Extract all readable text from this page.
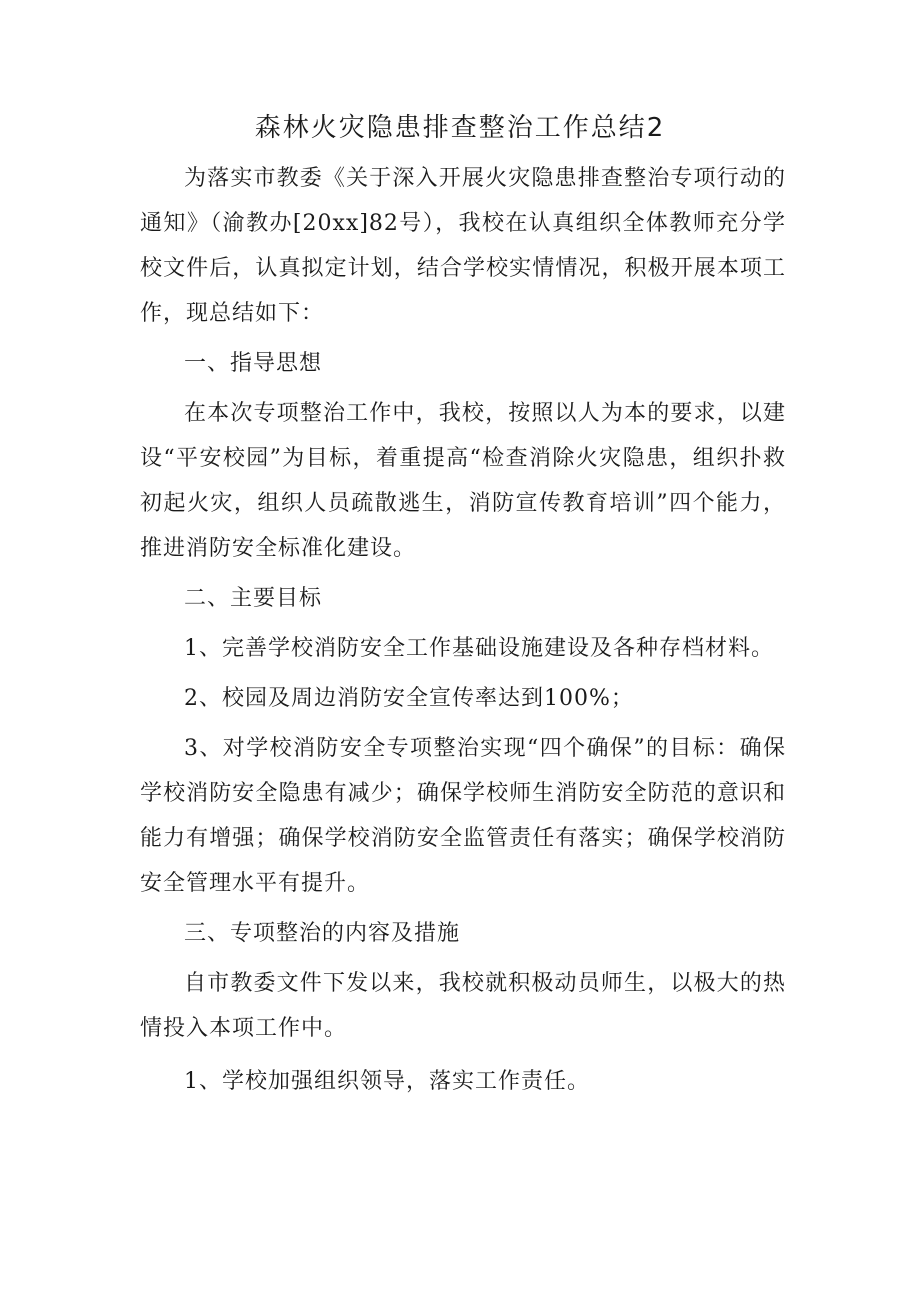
森林火灾隐患排查整治工作总结2

为落实市教委《关于深入开展火灾隐患排查整治专项行动的通知》（渝教办[20xx]82号），我校在认真组织全体教师充分学校文件后，认真拟定计划，结合学校实情情况，积极开展本项工作，现总结如下：

一、指导思想

在本次专项整治工作中，我校，按照以人为本的要求，以建设“平安校园”为目标，着重提高“检查消除火灾隐患，组织扑救初起火灾，组织人员疏散逃生，消防宣传教育培训”四个能力，推进消防安全标准化建设。

二、主要目标

1、完善学校消防安全工作基础设施建设及各种存档材料。

2、校园及周边消防安全宣传率达到100%；

3、对学校消防安全专项整治实现“四个确保”的目标：确保学校消防安全隐患有减少；确保学校师生消防安全防范的意识和能力有增强；确保学校消防安全监管责任有落实；确保学校消防安全管理水平有提升。

三、专项整治的内容及措施

自市教委文件下发以来，我校就积极动员师生，以极大的热情投入本项工作中。

1、学校加强组织领导，落实工作责任。
